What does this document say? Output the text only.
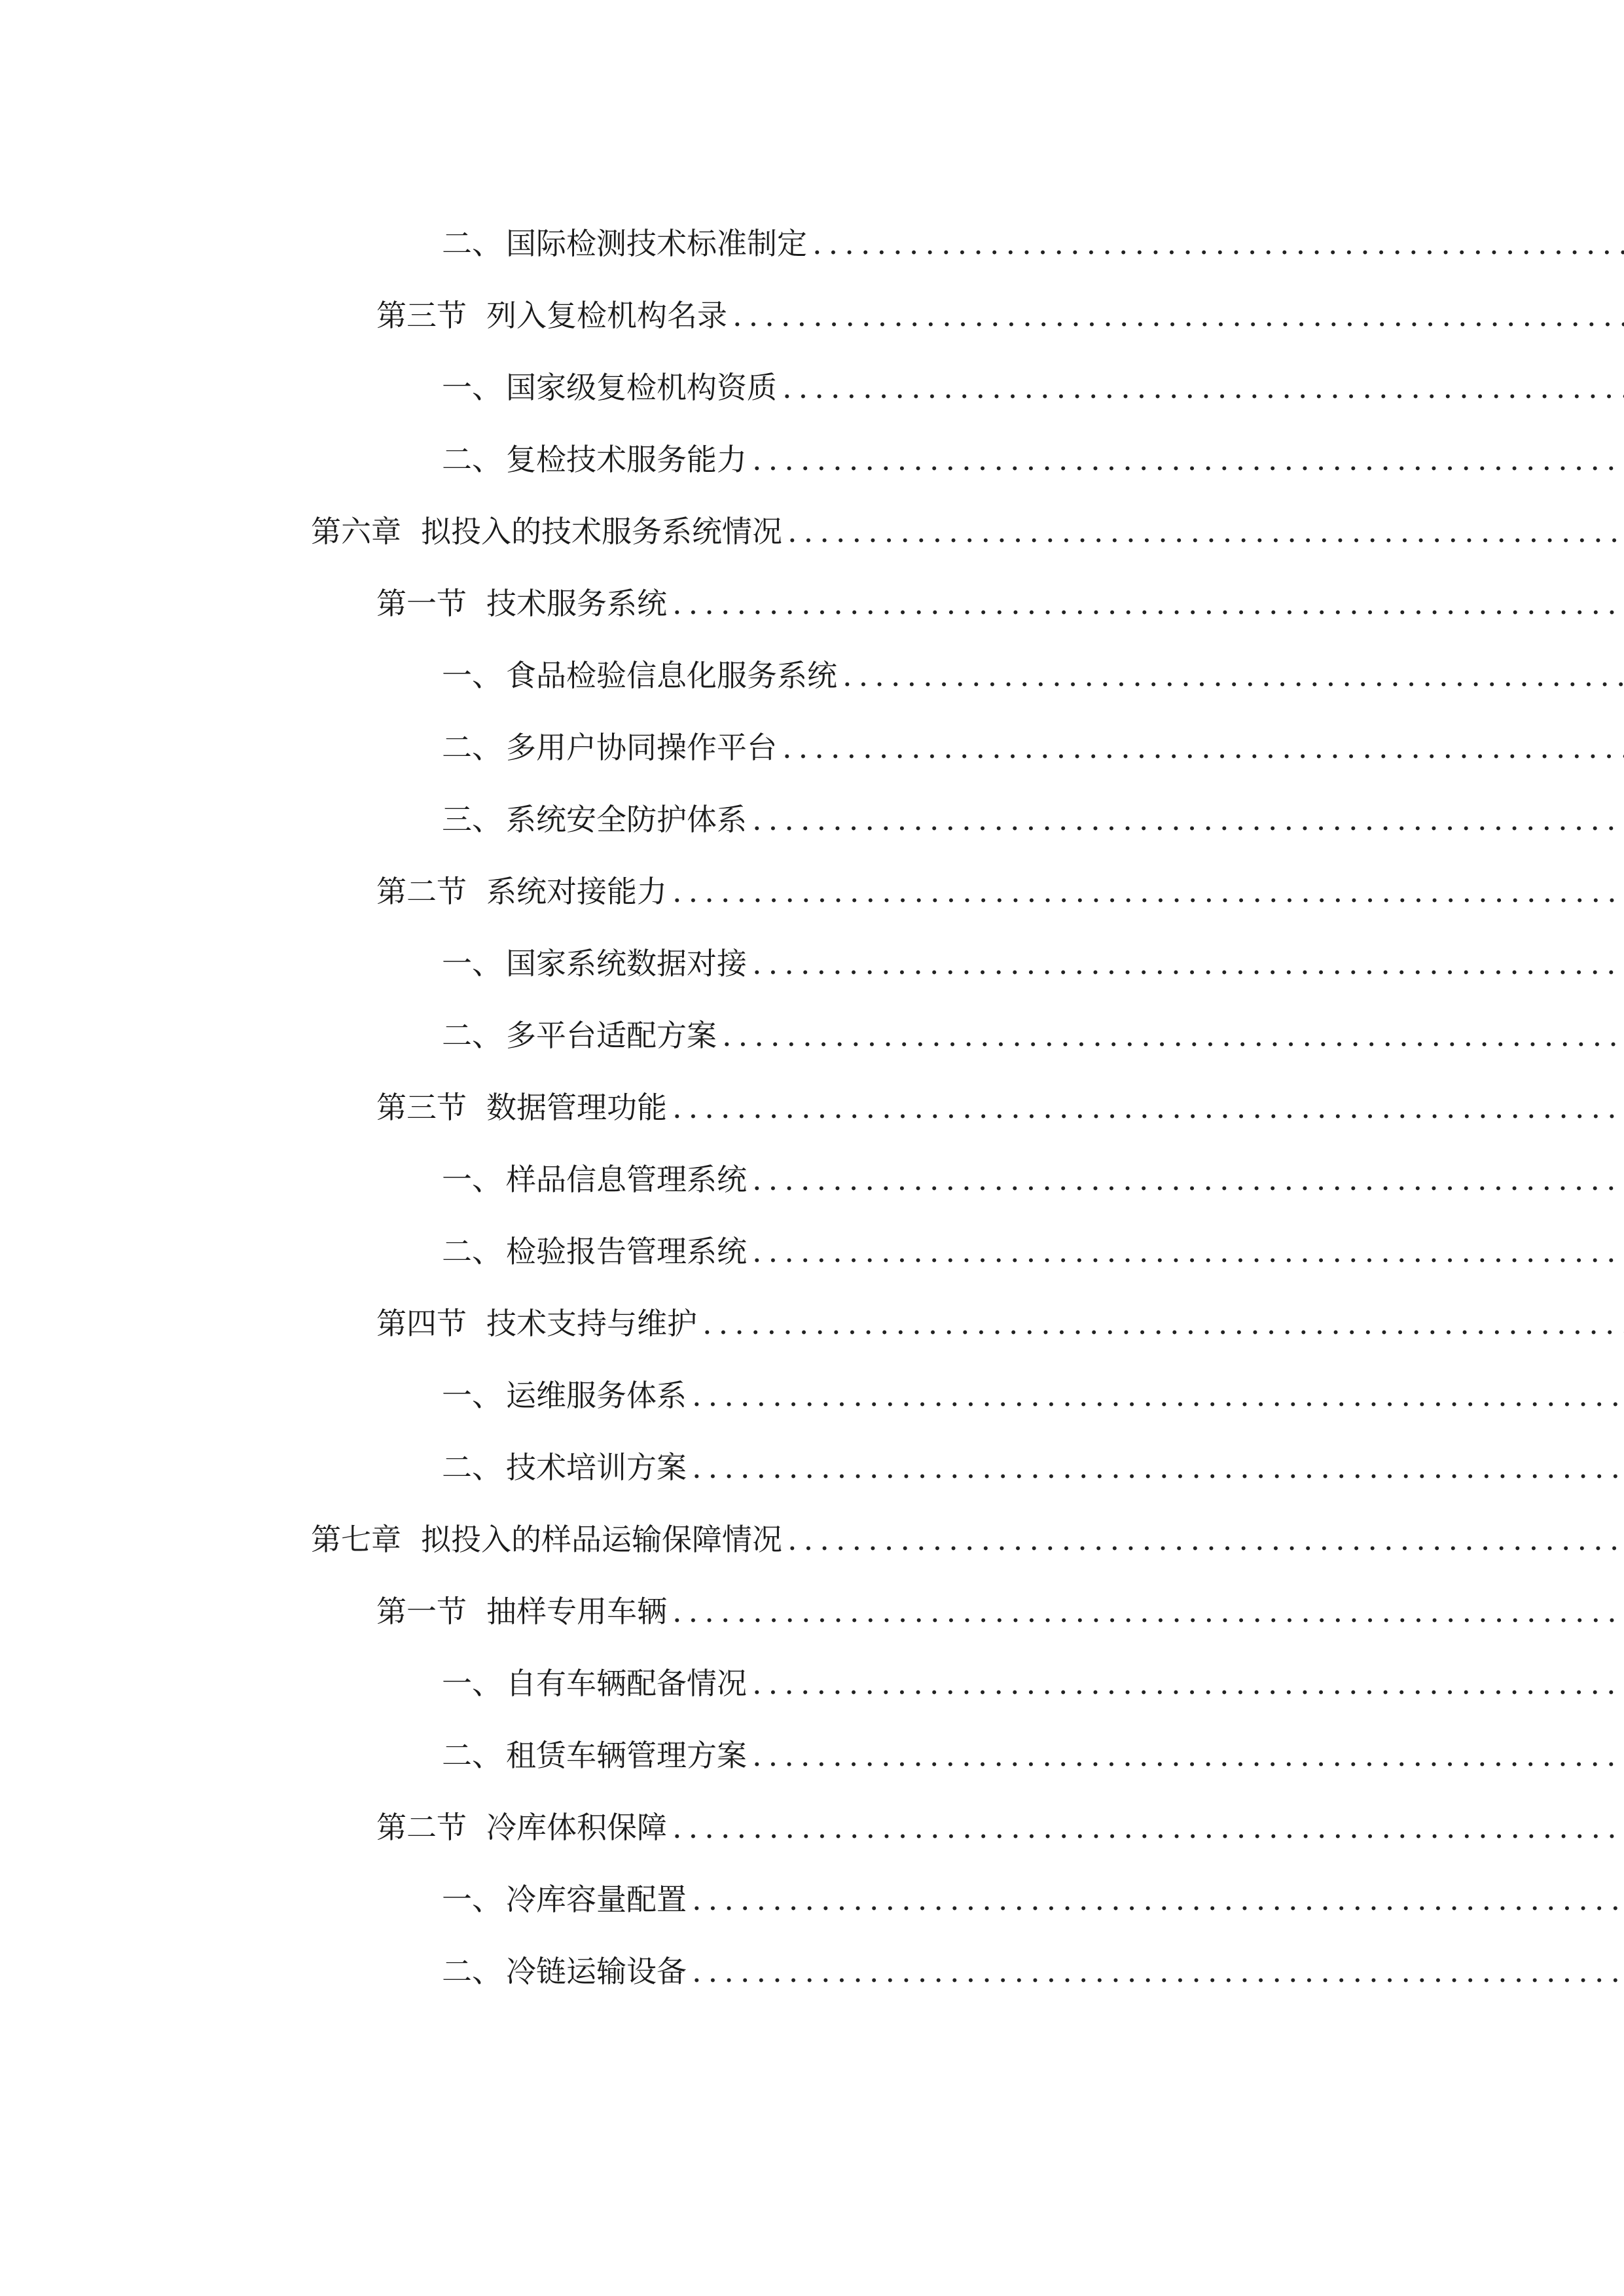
二、 国际检测技术标准制定
.....
第三节 列入复检机构名录
.....
一、 国家级复检机构资质
.....
二、 复检技术服务能力
.....
第六章 拟投入的技术服务系统情况
.....
第一节 技术服务系统
.....
一、 食品检验信息化服务系统
.....
二、 多用户协同操作平台
.....
三、 系统安全防护体系
.....
第二节 系统对接能力
.....
一、 国家系统数据对接
.....
二、 多平台适配方案
.....
第三节 数据管理功能
.....
一、 样品信息管理系统
.....
二、 检验报告管理系统
.....
第四节 技术支持与维护
.....
一、 运维服务体系
.....
二、 技术培训方案
.....
第七章 拟投入的样品运输保障情况
.....
第一节 抽样专用车辆
.....
一、 自有车辆配备情况
.....
二、 租赁车辆管理方案
.....
第二节 冷库体积保障
.....
一、 冷库容量配置
.....
二、 冷链运输设备
.....
